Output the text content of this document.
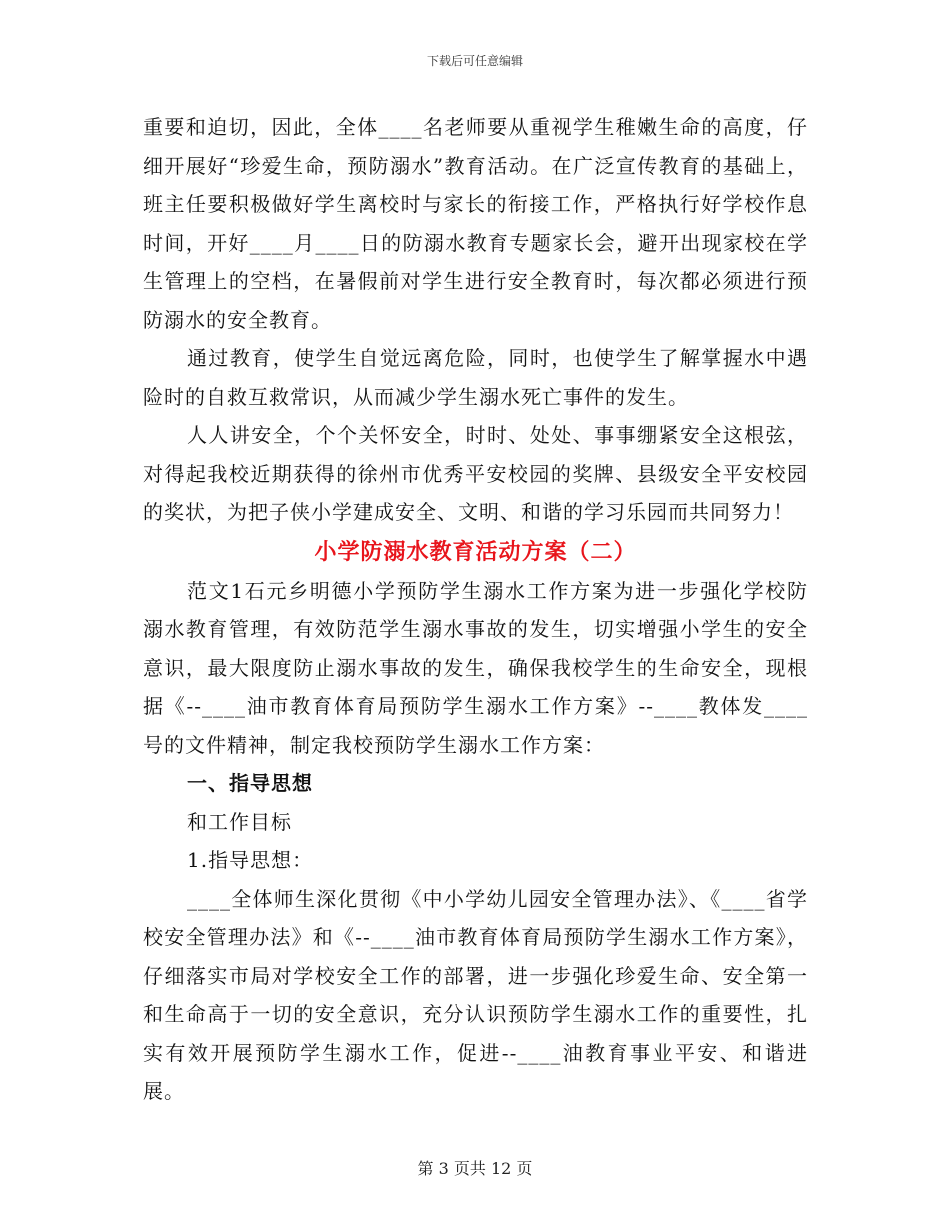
下载后可任意编辑

重要和迫切，因此，全体____名老师要从重视学生稚嫩生命的高度，仔细开展好“珍爱生命，预防溺水”教育活动。在广泛宣传教育的基础上，班主任要积极做好学生离校时与家长的衔接工作，严格执行好学校作息时间，开好____月____日的防溺水教育专题家长会，避开出现家校在学生管理上的空档，在暑假前对学生进行安全教育时，每次都必须进行预防溺水的安全教育。

通过教育，使学生自觉远离危险，同时，也使学生了解掌握水中遇险时的自救互救常识，从而减少学生溺水死亡事件的发生。

人人讲安全，个个关怀安全，时时、处处、事事绷紧安全这根弦，对得起我校近期获得的徐州市优秀平安校园的奖牌、县级安全平安校园的奖状，为把子侠小学建成安全、文明、和谐的学习乐园而共同努力！

小学防溺水教育活动方案（二）

范文1石元乡明德小学预防学生溺水工作方案为进一步强化学校防溺水教育管理，有效防范学生溺水事故的发生，切实增强小学生的安全意识，最大限度防止溺水事故的发生，确保我校学生的生命安全，现根据《--____油市教育体育局预防学生溺水工作方案》--____教体发____号的文件精神，制定我校预防学生溺水工作方案：

一、指导思想

和工作目标

1.指导思想：

____全体师生深化贯彻《中小学幼儿园安全管理办法》、《____省学校安全管理办法》和《--____油市教育体育局预防学生溺水工作方案》，仔细落实市局对学校安全工作的部署，进一步强化珍爱生命、安全第一和生命高于一切的安全意识，充分认识预防学生溺水工作的重要性，扎实有效开展预防学生溺水工作，促进--____油教育事业平安、和谐进展。

第 3 页共 12 页
